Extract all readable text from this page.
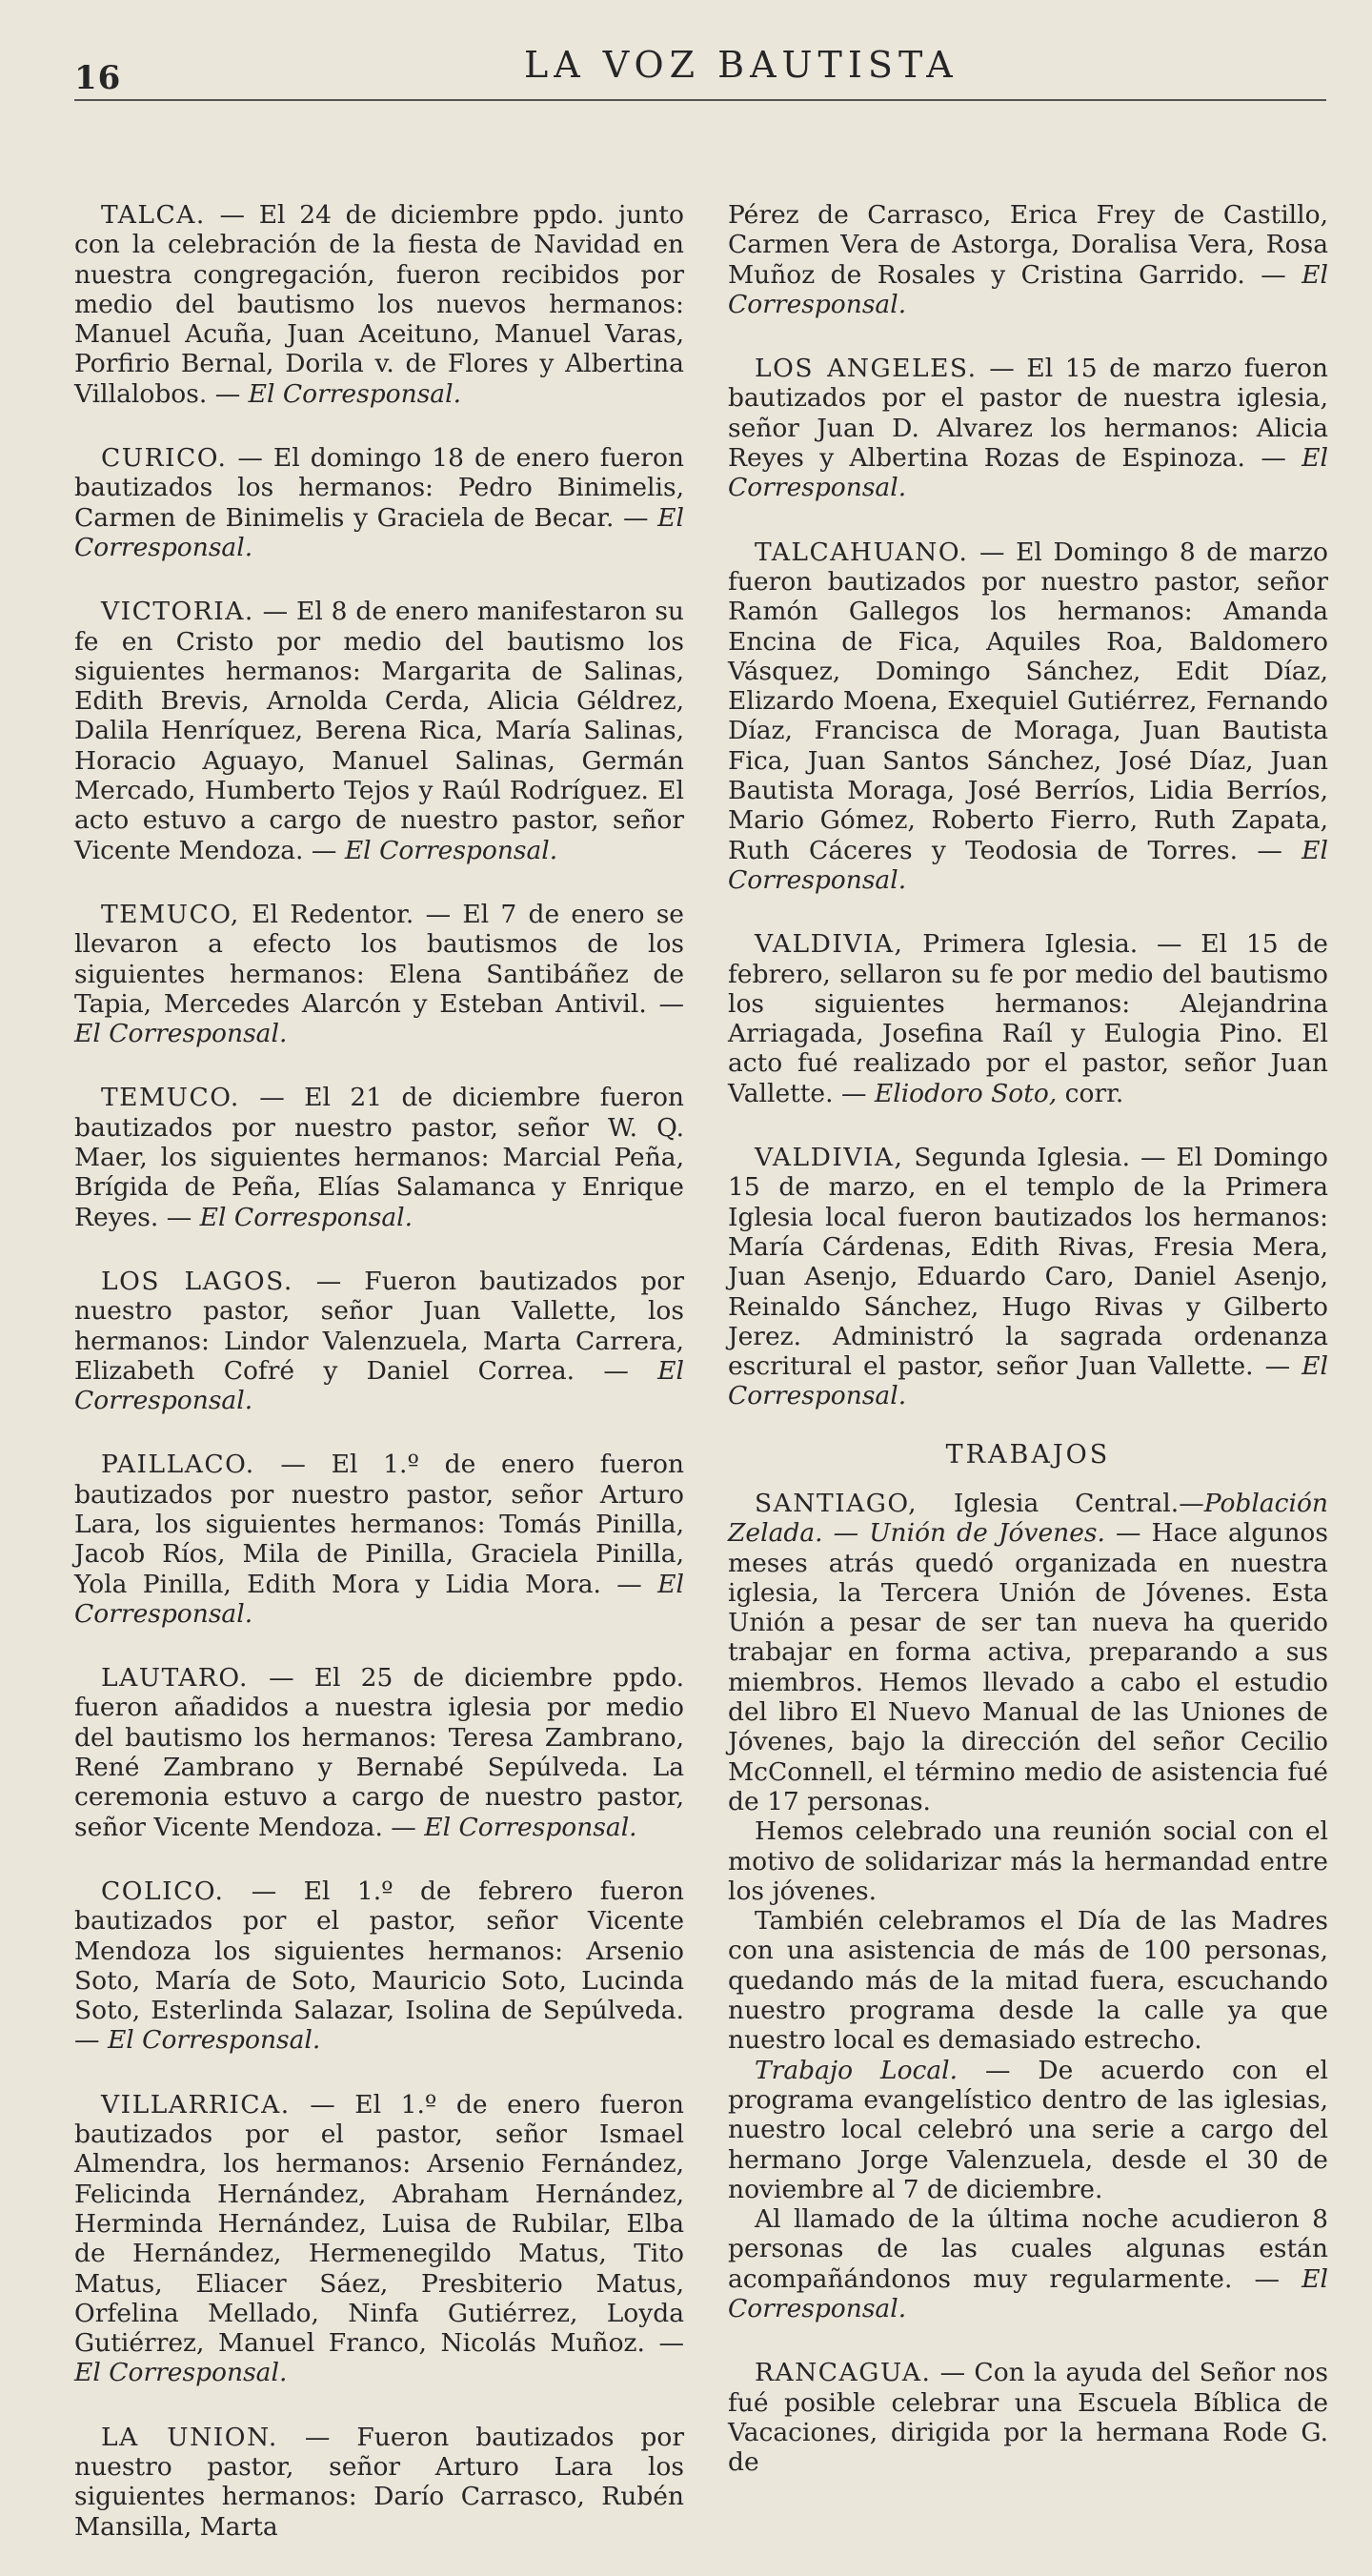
16	LA VOZ BAUTISTA

TALCA. — El 24 de diciembre ppdo. junto con la celebración de la fiesta de Navidad en nuestra congregación, fueron recibidos por medio del bautismo los nuevos hermanos: Manuel Acuña, Juan Aceituno, Manuel Varas, Porfirio Bernal, Dorila v. de Flores y Albertina Villalobos. — El Corresponsal.

CURICO. — El domingo 18 de enero fueron bautizados los hermanos: Pedro Binimelis, Carmen de Binimelis y Graciela de Becar. — El Corresponsal.

VICTORIA. — El 8 de enero manifestaron su fe en Cristo por medio del bautismo los siguientes hermanos: Margarita de Salinas, Edith Brevis, Arnolda Cerda, Alicia Géldrez, Dalila Henríquez, Berena Rica, María Salinas, Horacio Aguayo, Manuel Salinas, Germán Mercado, Humberto Tejos y Raúl Rodríguez. El acto estuvo a cargo de nuestro pastor, señor Vicente Mendoza. — El Corresponsal.

TEMUCO, El Redentor. — El 7 de enero se llevaron a efecto los bautismos de los siguientes hermanos: Elena Santibáñez de Tapia, Mercedes Alarcón y Esteban Antivil. — El Corresponsal.

TEMUCO. — El 21 de diciembre fueron bautizados por nuestro pastor, señor W. Q. Maer, los siguientes hermanos: Marcial Peña, Brígida de Peña, Elías Salamanca y Enrique Reyes. — El Corresponsal.

LOS LAGOS. — Fueron bautizados por nuestro pastor, señor Juan Vallette, los hermanos: Lindor Valenzuela, Marta Carrera, Elizabeth Cofré y Daniel Correa. — El Corresponsal.

PAILLACO. — El 1.º de enero fueron bautizados por nuestro pastor, señor Arturo Lara, los siguientes hermanos: Tomás Pinilla, Jacob Ríos, Mila de Pinilla, Graciela Pinilla, Yola Pinilla, Edith Mora y Lidia Mora. — El Corresponsal.

LAUTARO. — El 25 de diciembre ppdo. fueron añadidos a nuestra iglesia por medio del bautismo los hermanos: Teresa Zambrano, René Zambrano y Bernabé Sepúlveda. La ceremonia estuvo a cargo de nuestro pastor, señor Vicente Mendoza. — El Corresponsal.

COLICO. — El 1.º de febrero fueron bautizados por el pastor, señor Vicente Mendoza los siguientes hermanos: Arsenio Soto, María de Soto, Mauricio Soto, Lucinda Soto, Esterlinda Salazar, Isolina de Sepúlveda. — El Corresponsal.

VILLARRICA. — El 1.º de enero fueron bautizados por el pastor, señor Ismael Almendra, los hermanos: Arsenio Fernández, Felicinda Hernández, Abraham Hernández, Herminda Hernández, Luisa de Rubilar, Elba de Hernández, Hermenegildo Matus, Tito Matus, Eliacer Sáez, Presbiterio Matus, Orfelina Mellado, Ninfa Gutiérrez, Loyda Gutiérrez, Manuel Franco, Nicolás Muñoz. — El Corresponsal.

LA UNION. — Fueron bautizados por nuestro pastor, señor Arturo Lara los siguientes hermanos: Darío Carrasco, Rubén Mansilla, Marta

Pérez de Carrasco, Erica Frey de Castillo, Carmen Vera de Astorga, Doralisa Vera, Rosa Muñoz de Rosales y Cristina Garrido. — El Corresponsal.

LOS ANGELES. — El 15 de marzo fueron bautizados por el pastor de nuestra iglesia, señor Juan D. Alvarez los hermanos: Alicia Reyes y Albertina Rozas de Espinoza. — El Corresponsal.

TALCAHUANO. — El Domingo 8 de marzo fueron bautizados por nuestro pastor, señor Ramón Gallegos los hermanos: Amanda Encina de Fica, Aquiles Roa, Baldomero Vásquez, Domingo Sánchez, Edit Díaz, Elizardo Moena, Exequiel Gutiérrez, Fernando Díaz, Francisca de Moraga, Juan Bautista Fica, Juan Santos Sánchez, José Díaz, Juan Bautista Moraga, José Berríos, Lidia Berríos, Mario Gómez, Roberto Fierro, Ruth Zapata, Ruth Cáceres y Teodosia de Torres. — El Corresponsal.

VALDIVIA, Primera Iglesia. — El 15 de febrero, sellaron su fe por medio del bautismo los siguientes hermanos: Alejandrina Arriagada, Josefina Raíl y Eulogia Pino. El acto fué realizado por el pastor, señor Juan Vallette. — Eliodoro Soto, corr.

VALDIVIA, Segunda Iglesia. — El Domingo 15 de marzo, en el templo de la Primera Iglesia local fueron bautizados los hermanos: María Cárdenas, Edith Rivas, Fresia Mera, Juan Asenjo, Eduardo Caro, Daniel Asenjo, Reinaldo Sánchez, Hugo Rivas y Gilberto Jerez. Administró la sagrada ordenanza escritural el pastor, señor Juan Vallette. — El Corresponsal.

TRABAJOS

SANTIAGO, Iglesia Central.—Población Zelada. — Unión de Jóvenes. — Hace algunos meses atrás quedó organizada en nuestra iglesia, la Tercera Unión de Jóvenes. Esta Unión a pesar de ser tan nueva ha querido trabajar en forma activa, preparando a sus miembros. Hemos llevado a cabo el estudio del libro El Nuevo Manual de las Uniones de Jóvenes, bajo la dirección del señor Cecilio McConnell, el término medio de asistencia fué de 17 personas.

Hemos celebrado una reunión social con el motivo de solidarizar más la hermandad entre los jóvenes.

También celebramos el Día de las Madres con una asistencia de más de 100 personas, quedando más de la mitad fuera, escuchando nuestro programa desde la calle ya que nuestro local es demasiado estrecho.

Trabajo Local. — De acuerdo con el programa evangelístico dentro de las iglesias, nuestro local celebró una serie a cargo del hermano Jorge Valenzuela, desde el 30 de noviembre al 7 de diciembre.

Al llamado de la última noche acudieron 8 personas de las cuales algunas están acompañándonos muy regularmente. — El Corresponsal.

RANCAGUA. — Con la ayuda del Señor nos fué posible celebrar una Escuela Bíblica de Vacaciones, dirigida por la hermana Rode G. de
